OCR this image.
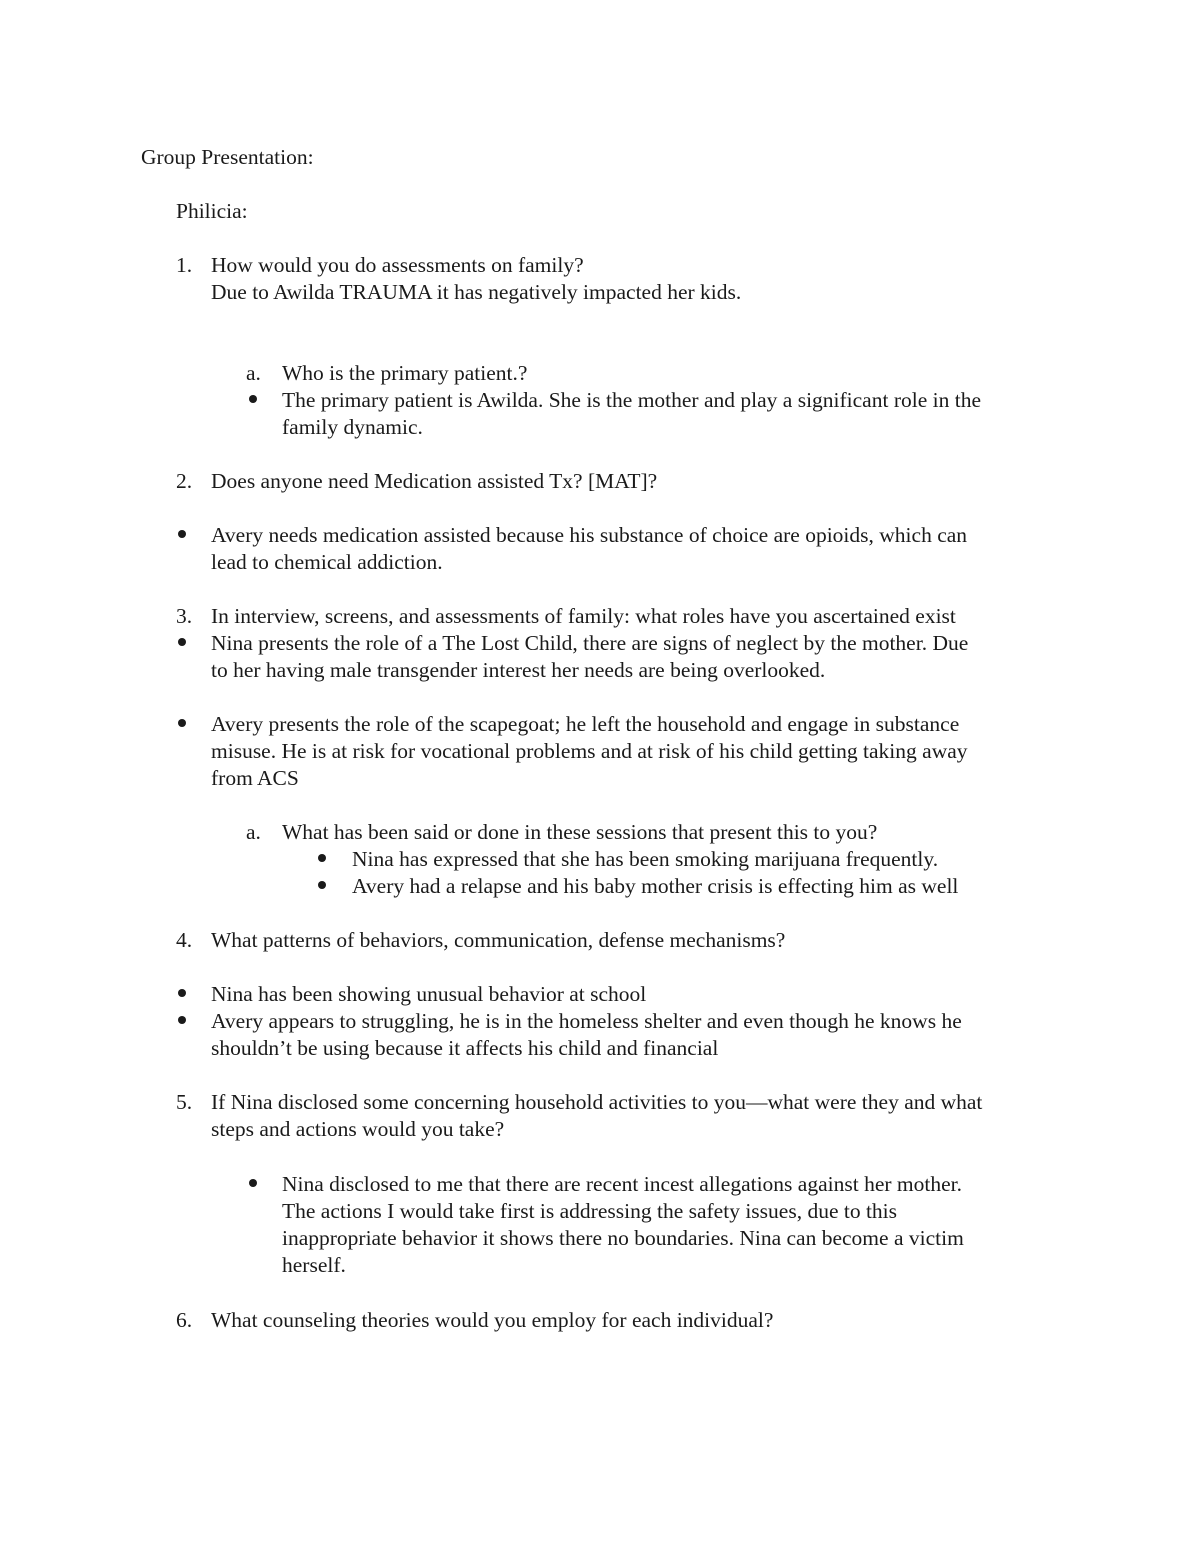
Group Presentation:
Philicia:
1. How would you do assessments on family?
Due to Awilda TRAUMA it has negatively impacted her kids.
a. Who is the primary patient.?
The primary patient is Awilda. She is the mother and play a significant role in the
family dynamic.
2. Does anyone need Medication assisted Tx? [MAT]?
Avery needs medication assisted because his substance of choice are opioids, which can
lead to chemical addiction.
3. In interview, screens, and assessments of family: what roles have you ascertained exist
Nina presents the role of a The Lost Child, there are signs of neglect by the mother. Due
to her having male transgender interest her needs are being overlooked.
Avery presents the role of the scapegoat; he left the household and engage in substance
misuse. He is at risk for vocational problems and at risk of his child getting taking away
from ACS
a. What has been said or done in these sessions that present this to you?
Nina has expressed that she has been smoking marijuana frequently.
Avery had a relapse and his baby mother crisis is effecting him as well
4. What patterns of behaviors, communication, defense mechanisms?
Nina has been showing unusual behavior at school
Avery appears to struggling, he is in the homeless shelter and even though he knows he
shouldn’t be using because it affects his child and financial
5. If Nina disclosed some concerning household activities to you—what were they and what
steps and actions would you take?
Nina disclosed to me that there are recent incest allegations against her mother.
The actions I would take first is addressing the safety issues, due to this
inappropriate behavior it shows there no boundaries. Nina can become a victim
herself.
6. What counseling theories would you employ for each individual?
